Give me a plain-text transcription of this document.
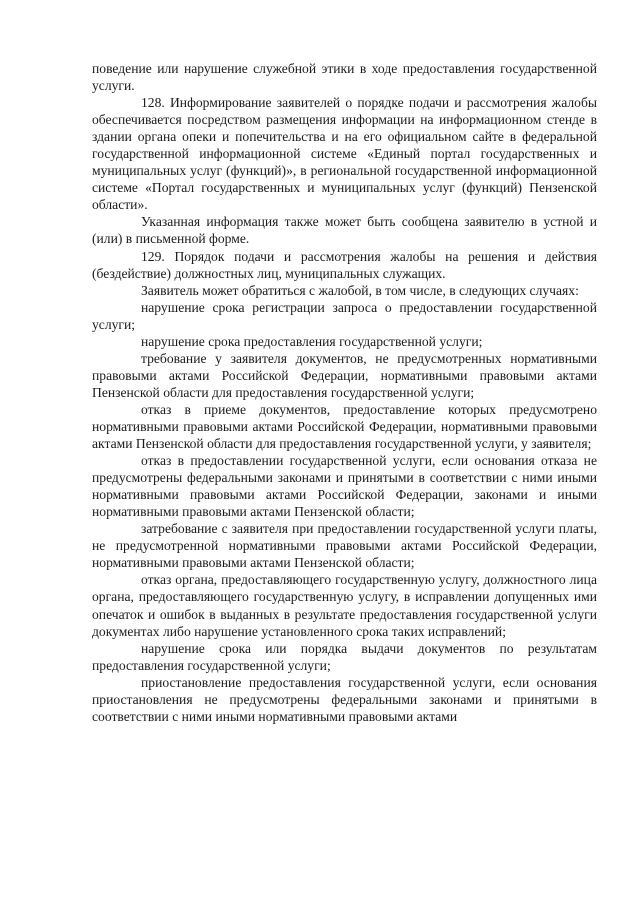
поведение или нарушение служебной этики в ходе предоставления государственной услуги.

128. Информирование заявителей о порядке подачи и рассмотрения жалобы обеспечивается посредством размещения информации на информационном стенде в здании органа опеки и попечительства и на его официальном сайте в федеральной государственной информационной системе «Единый портал государственных и муниципальных услуг (функций)», в региональной государственной информационной системе «Портал государственных и муниципальных услуг (функций) Пензенской области».

Указанная информация также может быть сообщена заявителю в устной и (или) в письменной форме.

129. Порядок подачи и рассмотрения жалобы на решения и действия (бездействие) должностных лиц, муниципальных служащих.

Заявитель может обратиться с жалобой, в том числе, в следующих случаях:

нарушение срока регистрации запроса о предоставлении государственной услуги;

нарушение срока предоставления государственной услуги;

требование у заявителя документов, не предусмотренных нормативными правовыми актами Российской Федерации, нормативными правовыми актами Пензенской области для предоставления государственной услуги;

отказ в приеме документов, предоставление которых предусмотрено нормативными правовыми актами Российской Федерации, нормативными правовыми актами Пензенской области для предоставления государственной услуги, у заявителя;

отказ в предоставлении государственной услуги, если основания отказа не предусмотрены федеральными законами и принятыми в соответствии с ними иными нормативными правовыми актами Российской Федерации, законами и иными нормативными правовыми актами Пензенской области;

затребование с заявителя при предоставлении государственной услуги платы, не предусмотренной нормативными правовыми актами Российской Федерации, нормативными правовыми актами Пензенской области;

отказ органа, предоставляющего государственную услугу, должностного лица органа, предоставляющего государственную услугу, в исправлении допущенных ими опечаток и ошибок в выданных в результате предоставления государственной услуги документах либо нарушение установленного срока таких исправлений;

нарушение срока или порядка выдачи документов по результатам предоставления государственной услуги;

приостановление предоставления государственной услуги, если основания приостановления не предусмотрены федеральными законами и принятыми в соответствии с ними иными нормативными правовыми актами
